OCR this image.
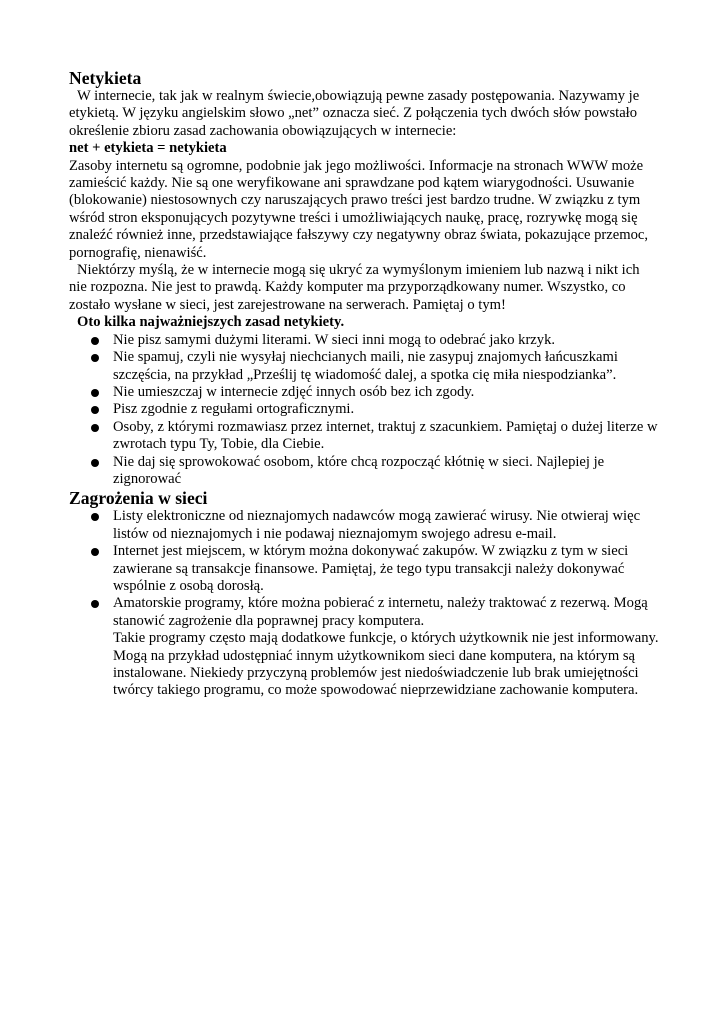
Netykieta

W internecie, tak jak w realnym świecie,obowiązują pewne zasady postępowania. Nazywamy je etykietą. W języku angielskim słowo „net” oznacza sieć. Z połączenia tych dwóch słów powstało określenie zbioru zasad zachowania obowiązujących w internecie:

net + etykieta = netykieta

Zasoby internetu są ogromne, podobnie jak jego możliwości. Informacje na stronach WWW może zamieścić każdy. Nie są one weryfikowane ani sprawdzane pod kątem wiarygodności. Usuwanie (blokowanie) niestosownych czy naruszających prawo treści jest bardzo trudne. W związku z tym wśród stron eksponujących pozytywne treści i umożliwiających naukę, pracę, rozrywkę mogą się znaleźć również inne, przedstawiające fałszywy czy negatywny obraz świata, pokazujące przemoc, pornografię, nienawiść.

Niektórzy myślą, że w internecie mogą się ukryć za wymyślonym imieniem lub nazwą i nikt ich nie rozpozna. Nie jest to prawdą. Każdy komputer ma przyporządkowany numer. Wszystko, co zostało wysłane w sieci, jest zarejestrowane na serwerach. Pamiętaj o tym!

Oto kilka najważniejszych zasad netykiety.

Nie pisz samymi dużymi literami. W sieci inni mogą to odebrać jako krzyk.
Nie spamuj, czyli nie wysyłaj niechcianych maili, nie zasypuj znajomych łańcuszkami szczęścia, na przykład „Prześlij tę wiadomość dalej, a spotka cię miła niespodzianka”.
Nie umieszczaj w internecie zdjęć innych osób bez ich zgody.
Pisz zgodnie z regułami ortograficznymi.
Osoby, z którymi rozmawiasz przez internet, traktuj z szacunkiem. Pamiętaj o dużej literze w zwrotach typu Ty, Tobie, dla Ciebie.
Nie daj się sprowokować osobom, które chcą rozpocząć kłótnię w sieci. Najlepiej je zignorować
Zagrożenia w sieci
Listy elektroniczne od nieznajomych nadawców mogą zawierać wirusy. Nie otwieraj więc listów od nieznajomych i nie podawaj nieznajomym swojego adresu e-mail.
Internet jest miejscem, w którym można dokonywać zakupów. W związku z tym w sieci zawierane są transakcje finansowe. Pamiętaj, że tego typu transakcji należy dokonywać wspólnie z osobą dorosłą.
Amatorskie programy, które można pobierać z internetu, należy traktować z rezerwą. Mogą stanowić zagrożenie dla poprawnej pracy komputera.
Takie programy często mają dodatkowe funkcje, o których użytkownik nie jest informowany. Mogą na przykład udostępniać innym użytkownikom sieci dane komputera, na którym są instalowane. Niekiedy przyczyną problemów jest niedoświadczenie lub brak umiejętności twórcy takiego programu, co może spowodować nieprzewidziane zachowanie komputera.
